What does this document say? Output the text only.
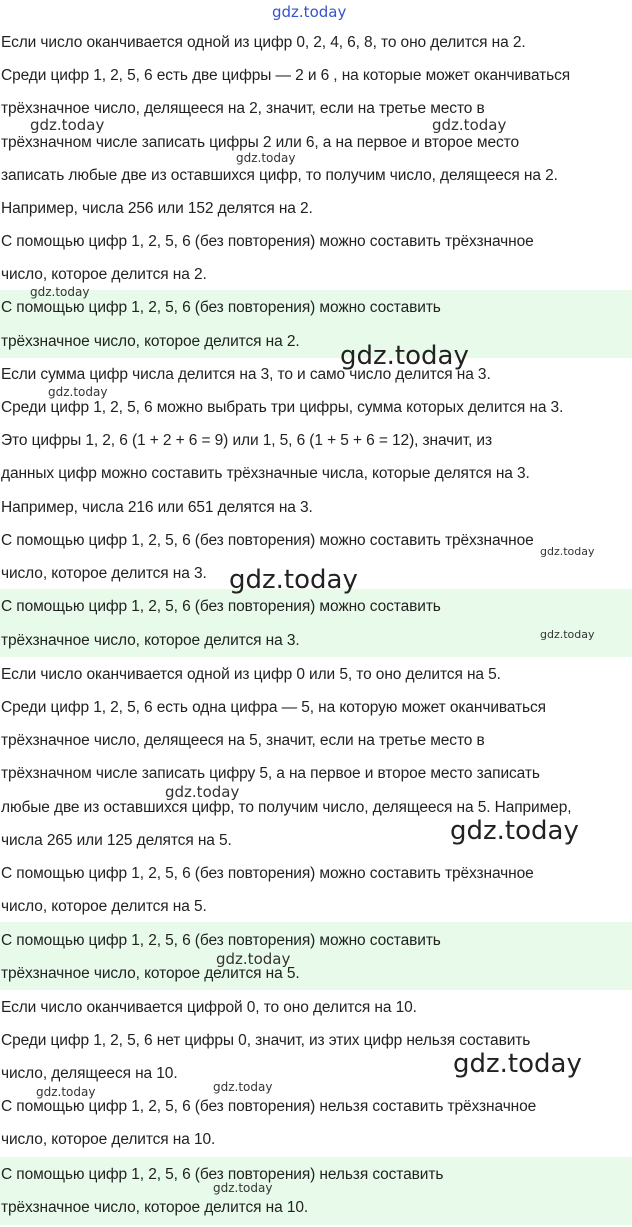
gdz.today
Если число оканчивается одной из цифр 0, 2, 4, 6, 8, то оно делится на 2.
Среди цифр 1, 2, 5, 6 есть две цифры — 2 и 6 , на которые может оканчиваться
трёхзначное число, делящееся на 2, значит, если на третье место в
трёхзначном числе записать цифры 2 или 6, а на первое и второе место
записать любые две из оставшихся цифр, то получим число, делящееся на 2.
Например, числа 256 или 152 делятся на 2.
С помощью цифр 1, 2, 5, 6 (без повторения) можно составить трёхзначное
число, которое делится на 2.
С помощью цифр 1, 2, 5, 6 (без повторения) можно составить
трёхзначное число, которое делится на 2.
Если сумма цифр числа делится на 3, то и само число делится на 3.
Среди цифр 1, 2, 5, 6 можно выбрать три цифры, сумма которых делится на 3.
Это цифры 1, 2, 6 (1 + 2 + 6 = 9) или 1, 5, 6 (1 + 5 + 6 = 12), значит, из
данных цифр можно составить трёхзначные числа, которые делятся на 3.
Например, числа 216 или 651 делятся на 3.
С помощью цифр 1, 2, 5, 6 (без повторения) можно составить трёхзначное
число, которое делится на 3.
С помощью цифр 1, 2, 5, 6 (без повторения) можно составить
трёхзначное число, которое делится на 3.
Если число оканчивается одной из цифр 0 или 5, то оно делится на 5.
Среди цифр 1, 2, 5, 6 есть одна цифра — 5, на которую может оканчиваться
трёхзначное число, делящееся на 5, значит, если на третье место в
трёхзначном числе записать цифру 5, а на первое и второе место записать
любые две из оставшихся цифр, то получим число, делящееся на 5. Например,
числа 265 или 125 делятся на 5.
С помощью цифр 1, 2, 5, 6 (без повторения) можно составить трёхзначное
число, которое делится на 5.
С помощью цифр 1, 2, 5, 6 (без повторения) можно составить
трёхзначное число, которое делится на 5.
Если число оканчивается цифрой 0, то оно делится на 10.
Среди цифр 1, 2, 5, 6 нет цифры 0, значит, из этих цифр нельзя составить
число, делящееся на 10.
С помощью цифр 1, 2, 5, 6 (без повторения) нельзя составить трёхзначное
число, которое делится на 10.
С помощью цифр 1, 2, 5, 6 (без повторения) нельзя составить
трёхзначное число, которое делится на 10.
gdz.today	gdz.today
gdz.today
gdz.today
gdz.today
gdz.today
gdz.today
gdz.today
gdz.today
gdz.today
gdz.today
gdz.today
gdz.today
gdz.today	gdz.today
gdz.today
